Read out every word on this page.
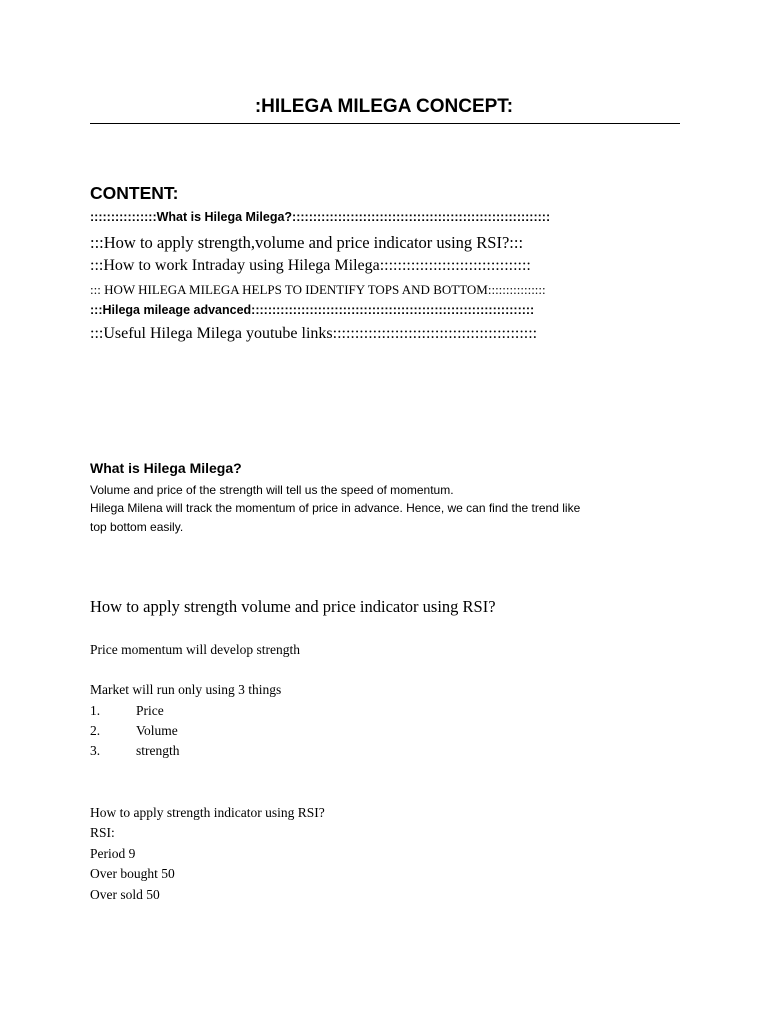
:HILEGA MILEGA CONCEPT:
CONTENT:
::::::::::::::::What is Hilega Milega?::::::::::::::::::::::::::::::::::::::::::::::::::::::::::::::
:::How to apply strength,volume and price indicator using RSI?:::
:::How to work Intraday using Hilega Milega::::::::::::::::::::::::::::::::::
::: HOW HILEGA MILEGA HELPS TO IDENTIFY TOPS AND BOTTOM::::::::::::::::
:::Hilega mileage advanced::::::::::::::::::::::::::::::::::::::::::::::::::::::::::::::::::::
:::Useful Hilega Milega youtube links::::::::::::::::::::::::::::::::::::::::::::::
What is Hilega Milega?
Volume and price of the strength will tell us the speed of momentum.
Hilega Milena will track the momentum of price in advance. Hence, we can find the trend like
top bottom easily.
How to apply strength volume and price indicator using RSI?
Price momentum will develop strength
Market will run only using 3 things
1.	Price
2.	Volume
3.	strength
How to apply strength indicator using RSI?
RSI:
Period 9
Over bought 50
Over sold 50
